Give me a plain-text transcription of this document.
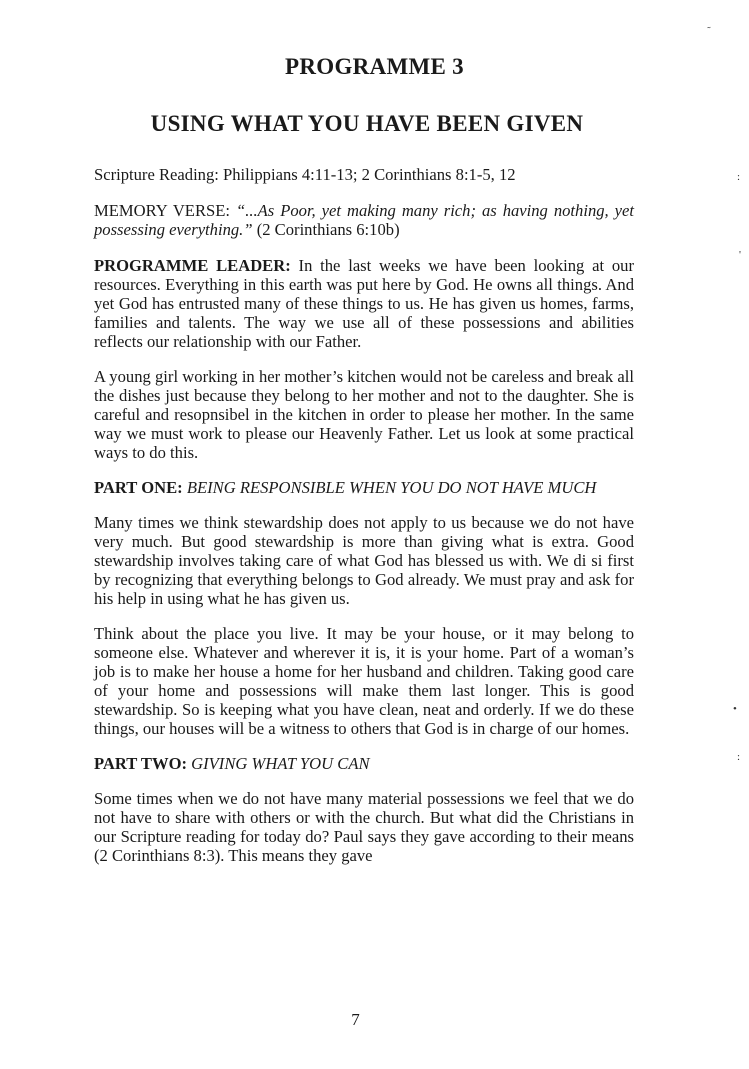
PROGRAMME 3
USING WHAT YOU HAVE BEEN GIVEN

Scripture Reading: Philippians 4:11-13; 2 Corinthians 8:1-5, 12

MEMORY VERSE: “...As Poor, yet making many rich; as having nothing, yet possessing everything.” (2 Corinthians 6:10b)

PROGRAMME LEADER: In the last weeks we have been looking at our resources. Everything in this earth was put here by God. He owns all things. And yet God has entrusted many of these things to us. He has given us homes, farms, families and talents. The way we use all of these possessions and abilities reflects our relationship with our Father.

A young girl working in her mother’s kitchen would not be careless and break all the dishes just because they belong to her mother and not to the daughter. She is careful and resopnsibel in the kitchen in order to please her mother. In the same way we must work to please our Heavenly Father. Let us look at some practical ways to do this.

PART ONE: BEING RESPONSIBLE WHEN YOU DO NOT HAVE MUCH

Many times we think stewardship does not apply to us because we do not have very much. But good stewardship is more than giving what is extra. Good stewardship involves taking care of what God has blessed us with. We di si first by recognizing that everything belongs to God already. We must pray and ask for his help in using what he has given us.

Think about the place you live. It may be your house, or it may belong to someone else. Whatever and wherever it is, it is your home. Part of a woman’s job is to make her house a home for her husband and children. Taking good care of your home and possessions will make them last longer. This is good stewardship. So is keeping what you have clean, neat and orderly. If we do these things, our houses will be a witness to others that God is in charge of our homes.

PART TWO: GIVING WHAT YOU CAN

Some times when we do not have many material possessions we feel that we do not have to share with others or with the church. But what did the Christians in our Scripture reading for today do? Paul says they gave according to their means (2 Corinthians 8:3). This means they gave

7
˜
:
'
•
:
